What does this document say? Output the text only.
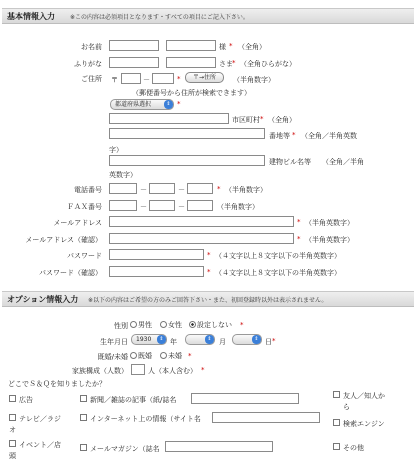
基本情報入力	※この内容は必須項目となります・すべての項目にご記入下さい。
お名前	様 * （全角）
ふりがな	さま * （全角ひらがな）
ご住所 〒	－	*	〒→住所	（半角数字）
（郵便番号から住所が検索できます）
都道府県選択	⇕ *
市区町村 * （全角）
番地等 * （全角／半角英数
字）
建物ビル名等 （全角／半角
英数字）
電話番号	－	－	* （半角数字）
ＦＡＸ番号	－	－	（半角数字）
メールアドレス	* （半角英数字）
メールアドレス（確認）	* （半角英数字）
パスワード	* （４文字以上８文字以下の半角英数字）
パスワード（確認）	* （４文字以上８文字以下の半角英数字）
オプション情報入力 ※以下の内容はご希望の方のみご回答下さい・また、初回登録時以外は表示されません。
性別	男性	女性	設定しない *
生年月日	1930	⇕ 年	⇕	月	⇕ 日 *
既婚/未婚	既婚	未婚 *
家族構成（人数）	人（本人含む） *
どこでＳ＆Ｑを知りましたか？
広告	新聞／雑誌の記事（紙/誌名	友人／知人か
ら
テレビ／ラジ
オ
インターネット上の情報（サイト名
検索エンジン
イベント／店
頭
メールマガジン（誌名	その他
